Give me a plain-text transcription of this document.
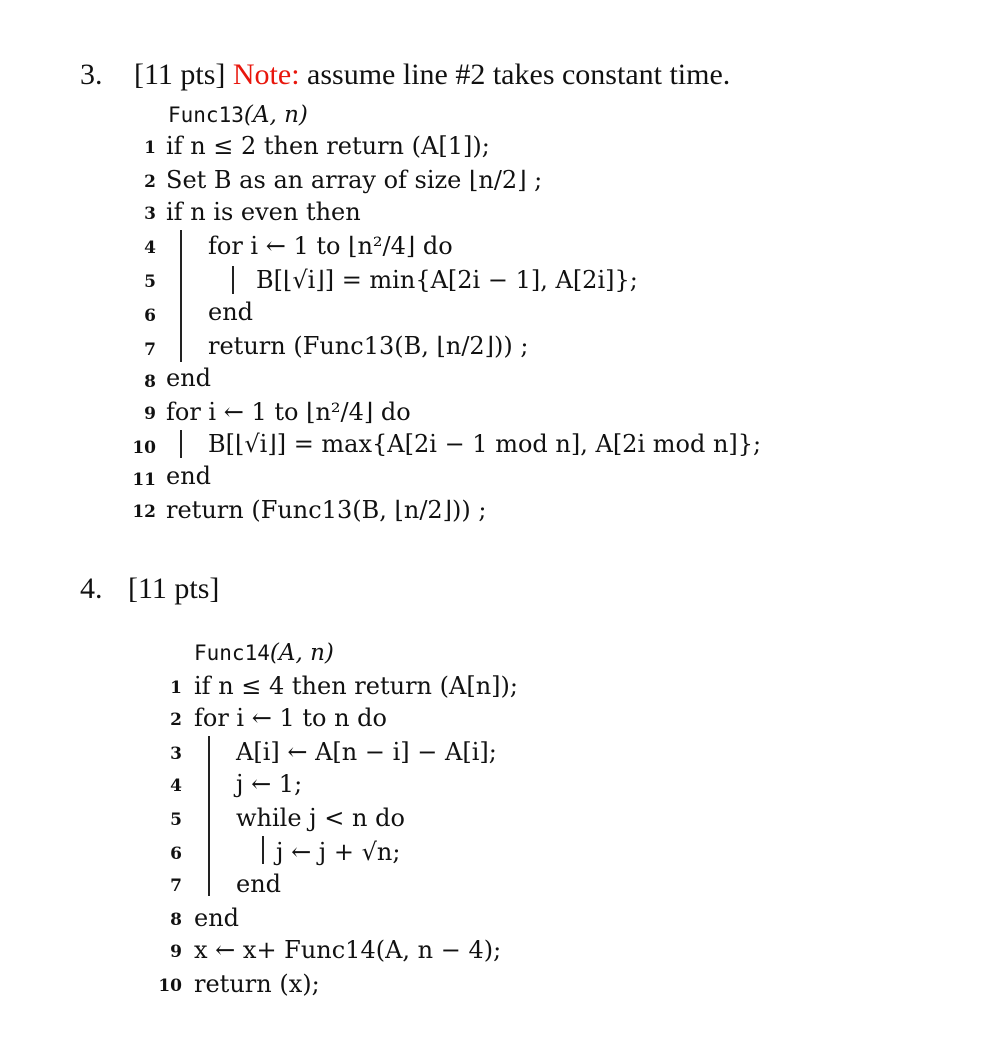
3. [11 pts] Note: assume line #2 takes constant time.
Func13(A, n)
1
2
3
4
5
6
7
8
9
10
11
12
if n ≤ 2 then return (A[1]);
Set B as an array of size ⌊n/2⌋ ;
if n is even then
for i ← 1 to ⌊n²/4⌋ do
B[⌊√i⌋] = min{A[2i − 1], A[2i]};
end
return (Func13(B, ⌊n/2⌋)) ;
end
for i ← 1 to ⌊n²/4⌋ do
B[⌊√i⌋] = max{A[2i − 1 mod n], A[2i mod n]};
end
return (Func13(B, ⌊n/2⌋)) ;
4. [11 pts]
Func14(A, n)
1
2
3
4
5
6
7
8
9
10
if n ≤ 4 then return (A[n]);
for i ← 1 to n do
A[i] ← A[n − i] − A[i];
j ← 1;
while j < n do
j ← j + √n;
end
end
x ← x+ Func14(A, n − 4);
return (x);
